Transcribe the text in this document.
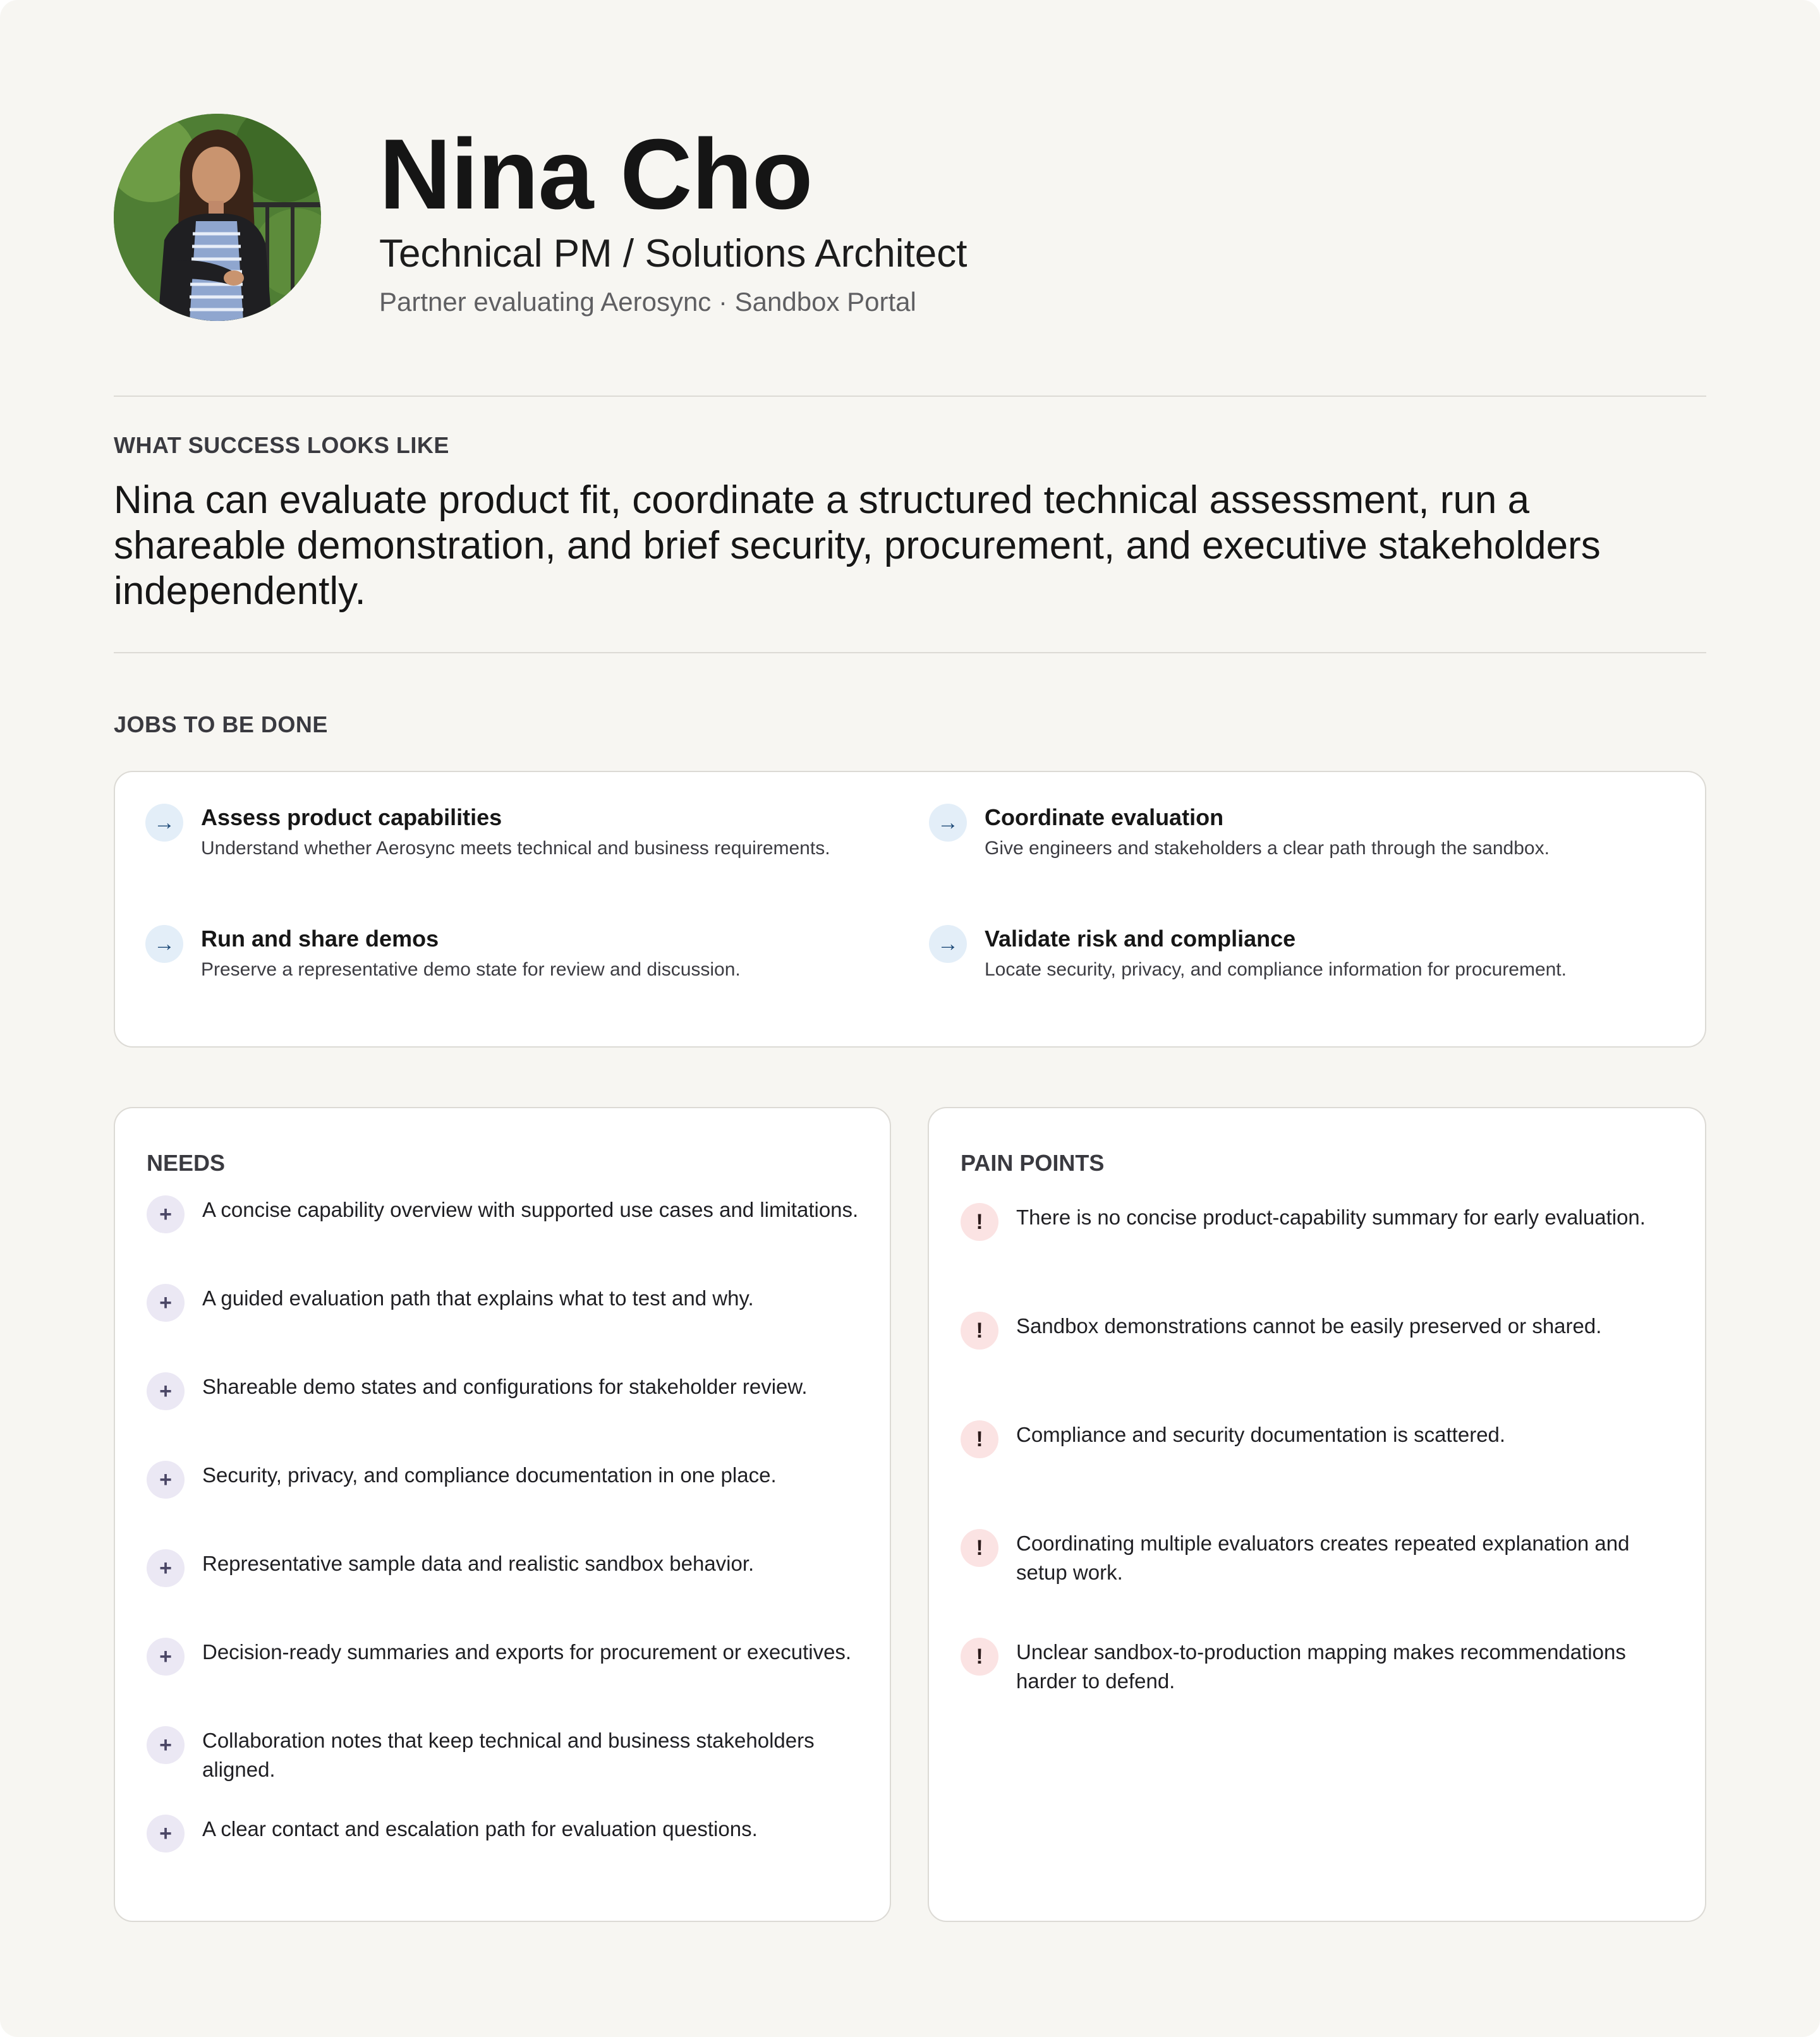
Nina Cho
Technical PM / Solutions Architect
Partner evaluating Aerosync · Sandbox Portal
WHAT SUCCESS LOOKS LIKE
Nina can evaluate product fit, coordinate a structured technical assessment, run a shareable demonstration, and brief security, procurement, and executive stakeholders independently.
JOBS TO BE DONE
→	Assess product capabilities
Understand whether Aerosync meets technical and business requirements.
→	Coordinate evaluation
Give engineers and stakeholders a clear path through the sandbox.
→	Run and share demos
Preserve a representative demo state for review and discussion.
→	Validate risk and compliance
Locate security, privacy, and compliance information for procurement.
NEEDS
+	A concise capability overview with supported use cases and limitations.
+	A guided evaluation path that explains what to test and why.
+	Shareable demo states and configurations for stakeholder review.
+	Security, privacy, and compliance documentation in one place.
+	Representative sample data and realistic sandbox behavior.
+	Decision-ready summaries and exports for procurement or executives.
+	Collaboration notes that keep technical and business stakeholders aligned.
+	A clear contact and escalation path for evaluation questions.
PAIN POINTS
!	There is no concise product-capability summary for early evaluation.
!	Sandbox demonstrations cannot be easily preserved or shared.
!	Compliance and security documentation is scattered.
!	Coordinating multiple evaluators creates repeated explanation and setup work.
!	Unclear sandbox-to-production mapping makes recommendations harder to defend.
